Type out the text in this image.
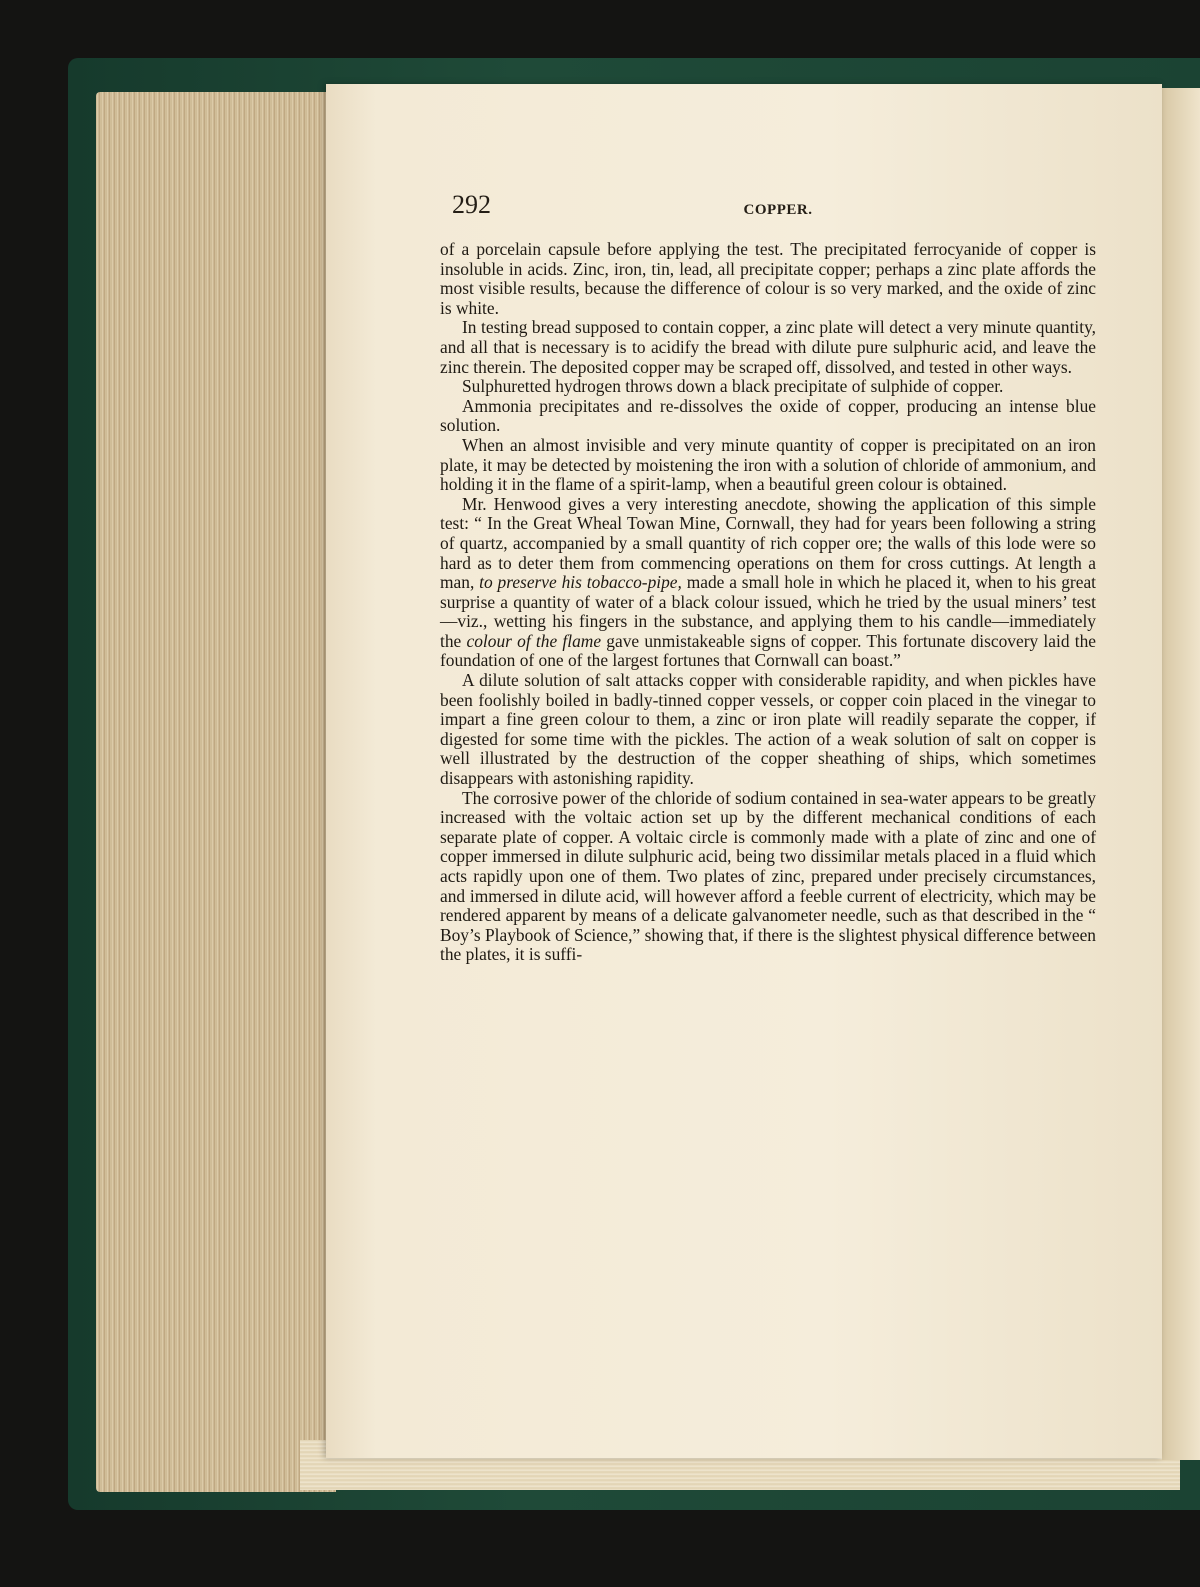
292	COPPER.

of a porcelain capsule before applying the test. The precipitated ferrocyanide of copper is insoluble in acids. Zinc, iron, tin, lead, all precipitate copper; perhaps a zinc plate affords the most visible results, because the difference of colour is so very marked, and the oxide of zinc is white.

In testing bread supposed to contain copper, a zinc plate will detect a very minute quantity, and all that is necessary is to acidify the bread with dilute pure sulphuric acid, and leave the zinc therein. The deposited copper may be scraped off, dissolved, and tested in other ways.

Sulphuretted hydrogen throws down a black precipitate of sulphide of copper.

Ammonia precipitates and re-dissolves the oxide of copper, producing an intense blue solution.

When an almost invisible and very minute quantity of copper is precipitated on an iron plate, it may be detected by moistening the iron with a solution of chloride of ammonium, and holding it in the flame of a spirit-lamp, when a beautiful green colour is obtained.

Mr. Henwood gives a very interesting anecdote, showing the application of this simple test: “ In the Great Wheal Towan Mine, Cornwall, they had for years been following a string of quartz, accompanied by a small quantity of rich copper ore; the walls of this lode were so hard as to deter them from commencing operations on them for cross cuttings. At length a man, to preserve his tobacco-pipe, made a small hole in which he placed it, when to his great surprise a quantity of water of a black colour issued, which he tried by the usual miners’ test—viz., wetting his fingers in the substance, and applying them to his candle—immediately the colour of the flame gave unmistakeable signs of copper. This fortunate discovery laid the foundation of one of the largest fortunes that Cornwall can boast.”

A dilute solution of salt attacks copper with considerable rapidity, and when pickles have been foolishly boiled in badly-tinned copper vessels, or copper coin placed in the vinegar to impart a fine green colour to them, a zinc or iron plate will readily separate the copper, if digested for some time with the pickles. The action of a weak solution of salt on copper is well illustrated by the destruction of the copper sheathing of ships, which sometimes disappears with astonishing rapidity.

The corrosive power of the chloride of sodium contained in sea-water appears to be greatly increased with the voltaic action set up by the different mechanical conditions of each separate plate of copper. A voltaic circle is commonly made with a plate of zinc and one of copper immersed in dilute sulphuric acid, being two dissimilar metals placed in a fluid which acts rapidly upon one of them. Two plates of zinc, prepared under precisely circumstances, and immersed in dilute acid, will however afford a feeble current of electricity, which may be rendered apparent by means of a delicate galvanometer needle, such as that described in the “ Boy’s Playbook of Science,” showing that, if there is the slightest physical difference between the plates, it is suffi-
